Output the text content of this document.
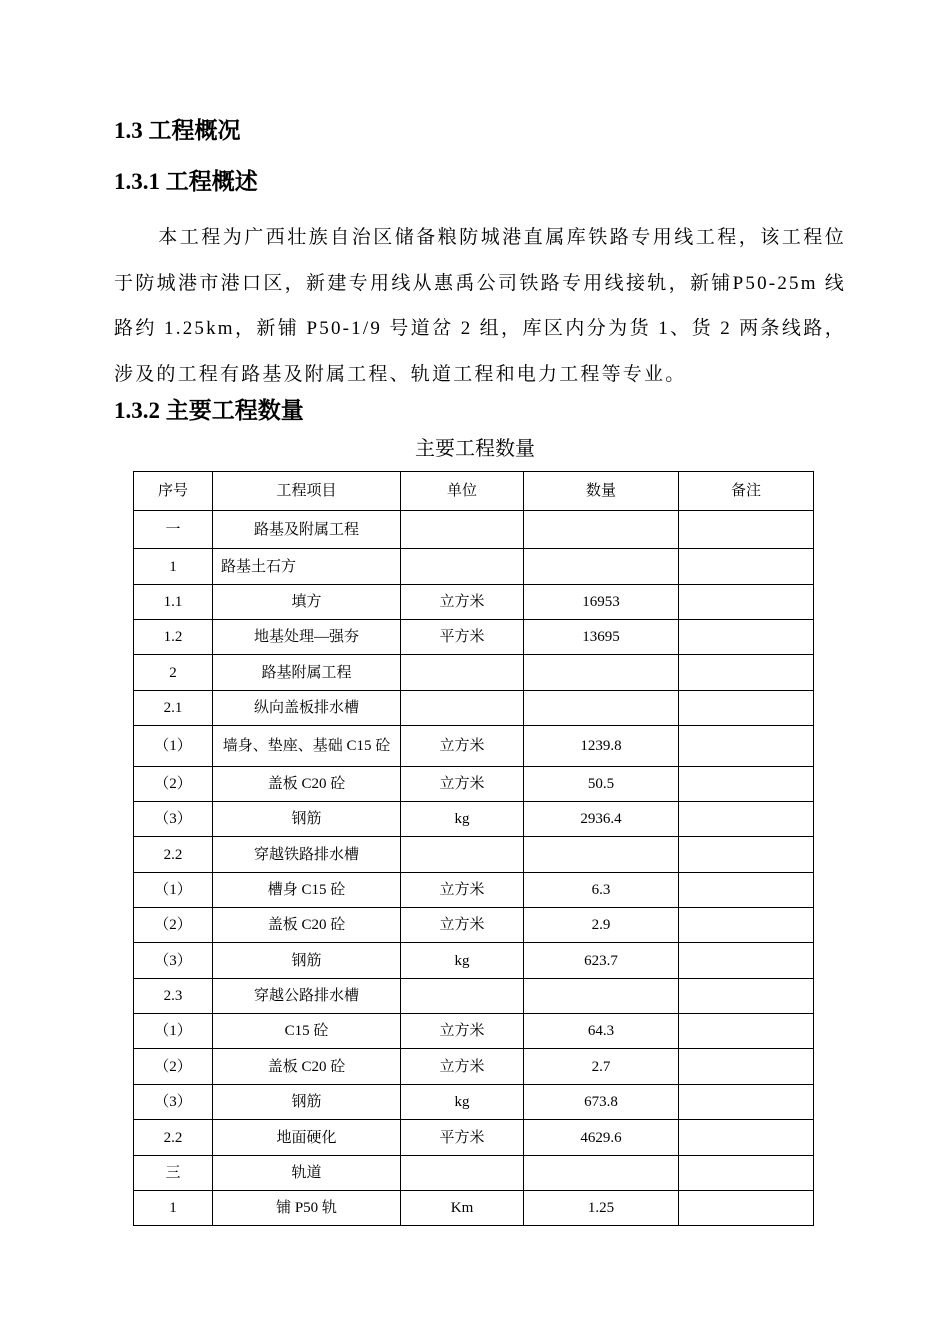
1.3 工程概况
1.3.1 工程概述

本工程为广西壮族自治区储备粮防城港直属库铁路专用线工程，该工程位于防城港市港口区，新建专用线从惠禹公司铁路专用线接轨，新铺P50-25m 线路约 1.25km，新铺 P50-1/9 号道岔 2 组，库区内分为货 1、货 2 两条线路，涉及的工程有路基及附属工程、轨道工程和电力工程等专业。

1.3.2 主要工程数量
主要工程数量
序号	工程项目	单位	数量	备注
一	路基及附属工程			
1	路基土石方			
1.1	填方	立方米	16953	
1.2	地基处理—强夯	平方米	13695	
2	路基附属工程			
2.1	纵向盖板排水槽			
（1）	墙身、垫座、基础 C15 砼	立方米	1239.8	
（2）	盖板 C20 砼	立方米	50.5	
（3）	钢筋	kg	2936.4	
2.2	穿越铁路排水槽			
（1）	槽身 C15 砼	立方米	6.3	
（2）	盖板 C20 砼	立方米	2.9	
（3）	钢筋	kg	623.7	
2.3	穿越公路排水槽			
（1）	C15 砼	立方米	64.3	
（2）	盖板 C20 砼	立方米	2.7	
（3）	钢筋	kg	673.8	
2.2	地面硬化	平方米	4629.6	
三	轨道			
1	铺 P50 轨	Km	1.25	
